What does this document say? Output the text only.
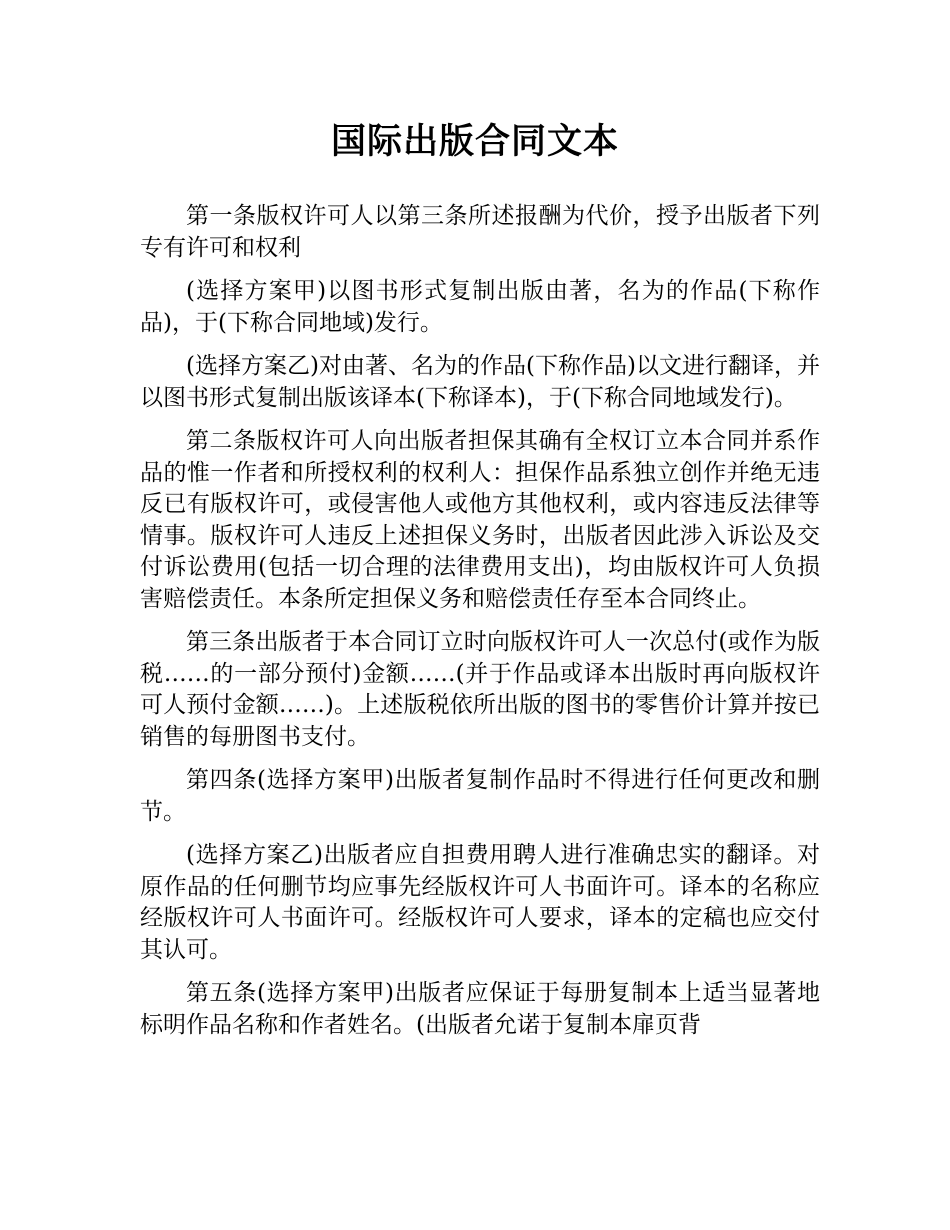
国际出版合同文本

第一条版权许可人以第三条所述报酬为代价，授予出版者下列专有许可和权利

(选择方案甲)以图书形式复制出版由著，名为的作品(下称作品)，于(下称合同地域)发行。

(选择方案乙)对由著、名为的作品(下称作品)以文进行翻译，并以图书形式复制出版该译本(下称译本)，于(下称合同地域发行)。

第二条版权许可人向出版者担保其确有全权订立本合同并系作品的惟一作者和所授权利的权利人：担保作品系独立创作并绝无违反已有版权许可，或侵害他人或他方其他权利，或内容违反法律等情事。版权许可人违反上述担保义务时，出版者因此涉入诉讼及交付诉讼费用(包括一切合理的法律费用支出)，均由版权许可人负损害赔偿责任。本条所定担保义务和赔偿责任存至本合同终止。

第三条出版者于本合同订立时向版权许可人一次总付(或作为版税……的一部分预付)金额……(并于作品或译本出版时再向版权许可人预付金额……)。上述版税依所出版的图书的零售价计算并按已销售的每册图书支付。

第四条(选择方案甲)出版者复制作品时不得进行任何更改和删节。

(选择方案乙)出版者应自担费用聘人进行准确忠实的翻译。对原作品的任何删节均应事先经版权许可人书面许可。译本的名称应经版权许可人书面许可。经版权许可人要求，译本的定稿也应交付其认可。

第五条(选择方案甲)出版者应保证于每册复制本上适当显著地标明作品名称和作者姓名。(出版者允诺于复制本扉页背
